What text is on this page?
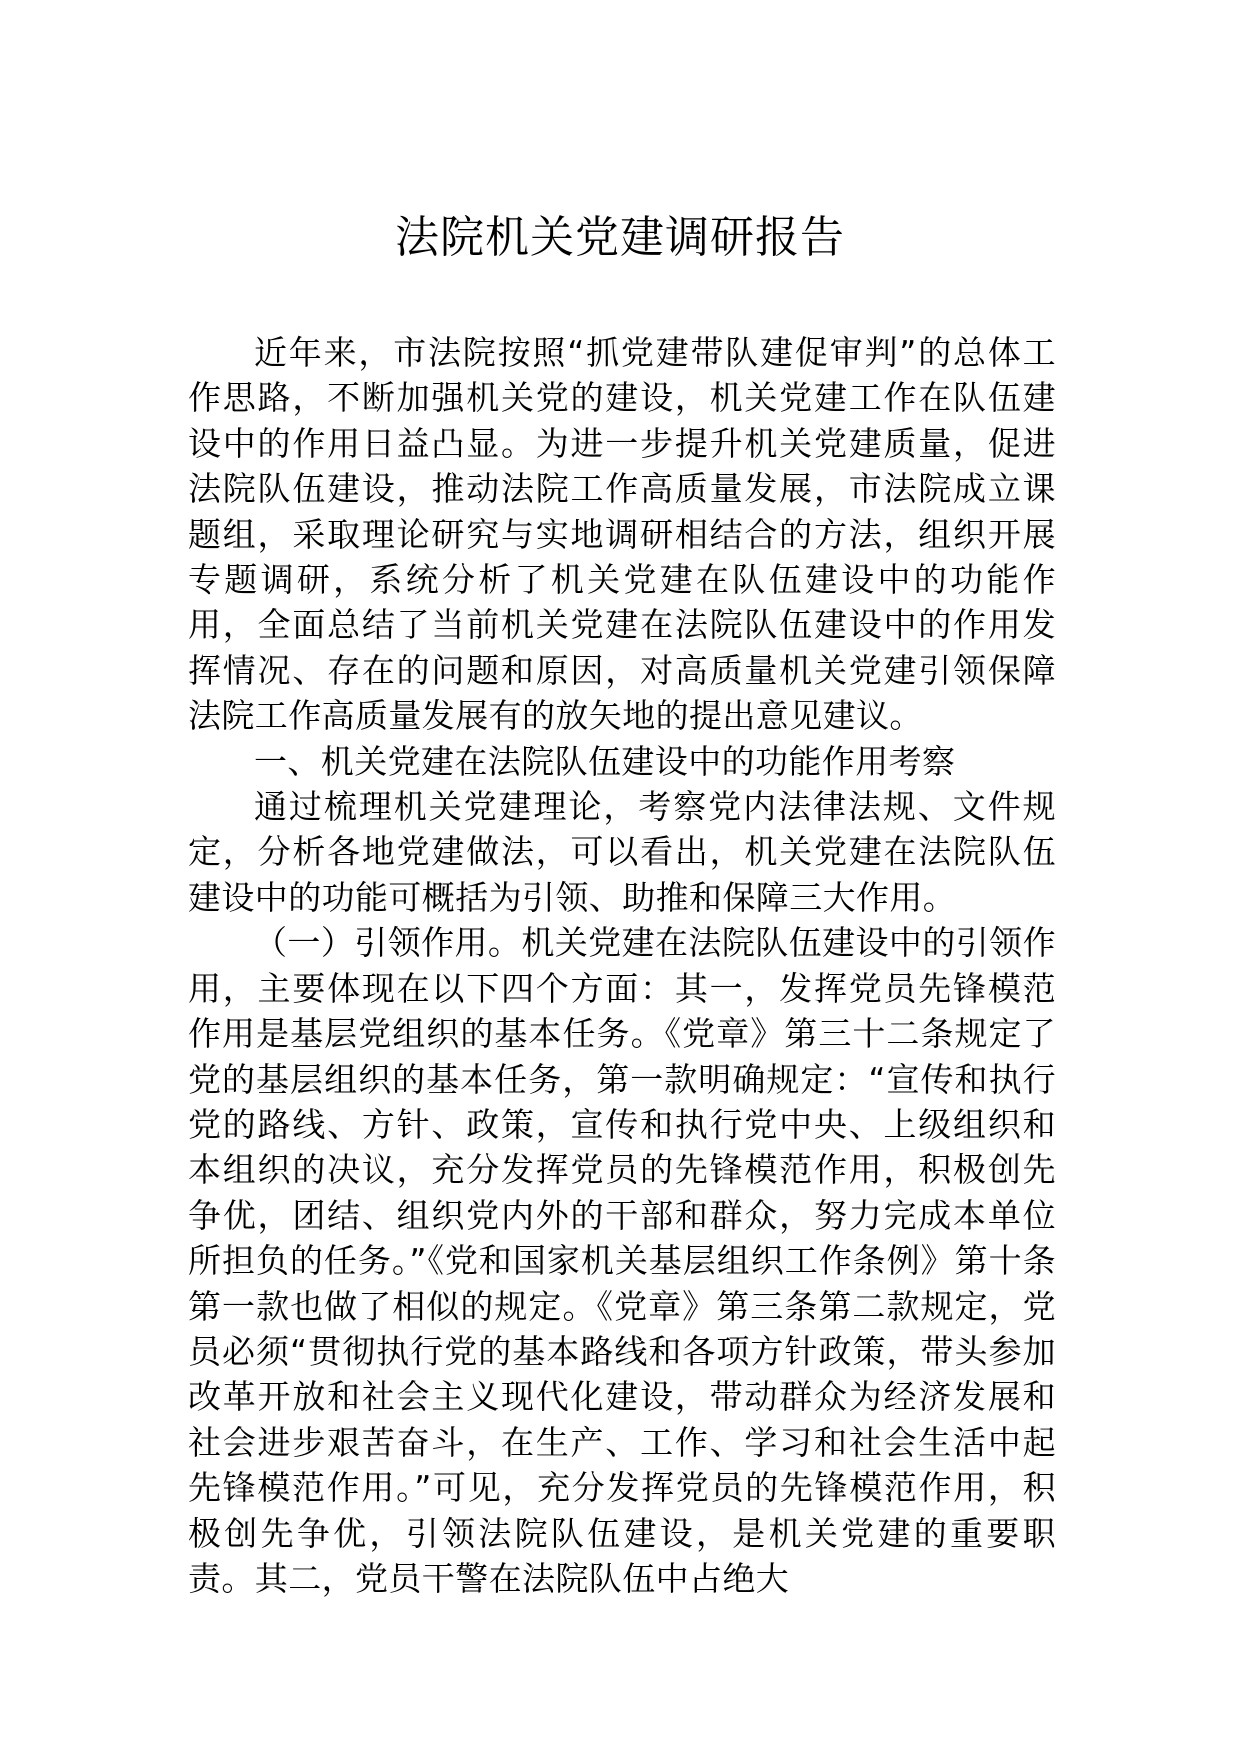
法院机关党建调研报告

近年来，市法院按照“抓党建带队建促审判”的总体工作思路，不断加强机关党的建设，机关党建工作在队伍建设中的作用日益凸显。为进一步提升机关党建质量，促进法院队伍建设，推动法院工作高质量发展，市法院成立课题组，采取理论研究与实地调研相结合的方法，组织开展专题调研，系统分析了机关党建在队伍建设中的功能作用，全面总结了当前机关党建在法院队伍建设中的作用发挥情况、存在的问题和原因，对高质量机关党建引领保障法院工作高质量发展有的放矢地的提出意见建议。

一、机关党建在法院队伍建设中的功能作用考察

通过梳理机关党建理论，考察党内法律法规、文件规定，分析各地党建做法，可以看出，机关党建在法院队伍建设中的功能可概括为引领、助推和保障三大作用。

（一）引领作用。机关党建在法院队伍建设中的引领作用，主要体现在以下四个方面：其一，发挥党员先锋模范作用是基层党组织的基本任务。《党章》第三十二条规定了党的基层组织的基本任务，第一款明确规定：“宣传和执行党的路线、方针、政策，宣传和执行党中央、上级组织和本组织的决议，充分发挥党员的先锋模范作用，积极创先争优，团结、组织党内外的干部和群众，努力完成本单位所担负的任务。”《党和国家机关基层组织工作条例》第十条第一款也做了相似的规定。《党章》第三条第二款规定，党员必须“贯彻执行党的基本路线和各项方针政策，带头参加改革开放和社会主义现代化建设，带动群众为经济发展和社会进步艰苦奋斗，在生产、工作、学习和社会生活中起先锋模范作用。”可见，充分发挥党员的先锋模范作用，积极创先争优，引领法院队伍建设，是机关党建的重要职责。其二，党员干警在法院队伍中占绝大
